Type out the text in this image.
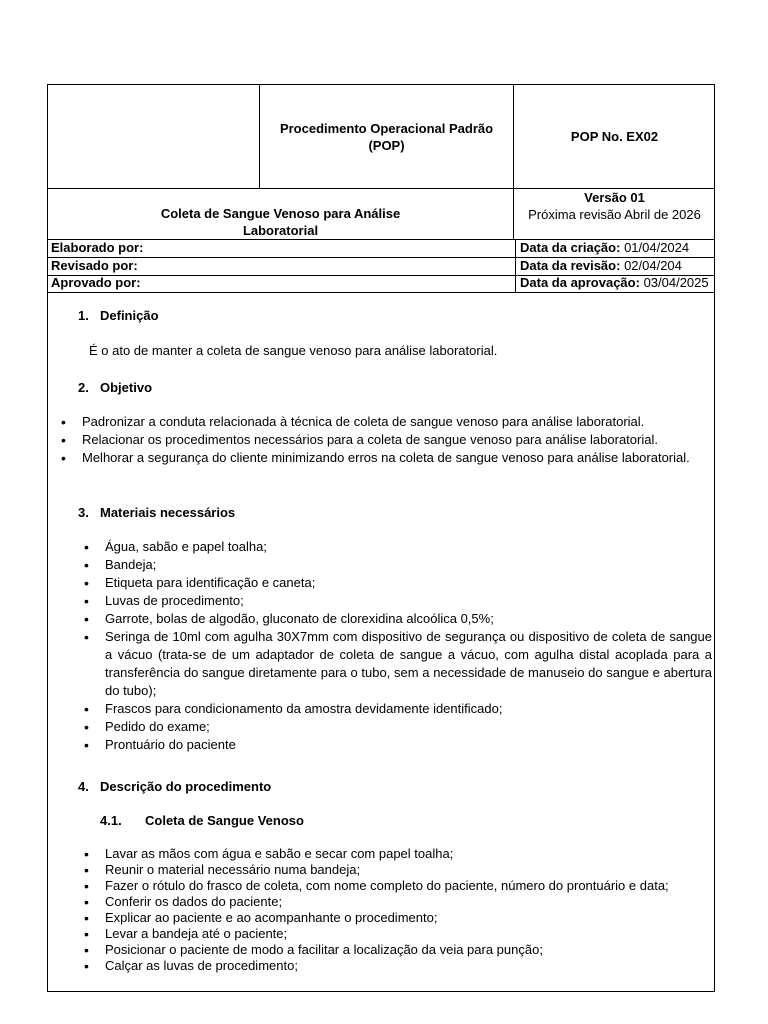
Procedimento Operacional Padrão (POP)
POP No. EX02
Coleta de Sangue Venoso para Análise Laboratorial
Versão 01
Próxima revisão Abril de 2026
Elaborado por:	Data da criação: 01/04/2024
Revisado por:	Data da revisão: 02/04/204
Aprovado por:	Data da aprovação: 03/04/2025
1. Definição
É o ato de manter a coleta de sangue venoso para análise laboratorial.
2. Objetivo
• Padronizar a conduta relacionada à técnica de coleta de sangue venoso para análise laboratorial.
• Relacionar os procedimentos necessários para a coleta de sangue venoso para análise laboratorial.
• Melhorar a segurança do cliente minimizando erros na coleta de sangue venoso para análise laboratorial.
3. Materiais necessários
• Água, sabão e papel toalha;
• Bandeja;
• Etiqueta para identificação e caneta;
• Luvas de procedimento;
• Garrote, bolas de algodão, gluconato de clorexidina alcoólica 0,5%;
• Seringa de 10ml com agulha 30X7mm com dispositivo de segurança ou dispositivo de coleta de sangue a vácuo (trata-se de um adaptador de coleta de sangue a vácuo, com agulha distal acoplada para a transferência do sangue diretamente para o tubo, sem a necessidade de manuseio do sangue e abertura do tubo);
• Frascos para condicionamento da amostra devidamente identificado;
• Pedido do exame;
• Prontuário do paciente
4. Descrição do procedimento
4.1. Coleta de Sangue Venoso
• Lavar as mãos com água e sabão e secar com papel toalha;
• Reunir o material necessário numa bandeja;
• Fazer o rótulo do frasco de coleta, com nome completo do paciente, número do prontuário e data;
• Conferir os dados do paciente;
• Explicar ao paciente e ao acompanhante o procedimento;
• Levar a bandeja até o paciente;
• Posicionar o paciente de modo a facilitar a localização da veia para punção;
• Calçar as luvas de procedimento;
